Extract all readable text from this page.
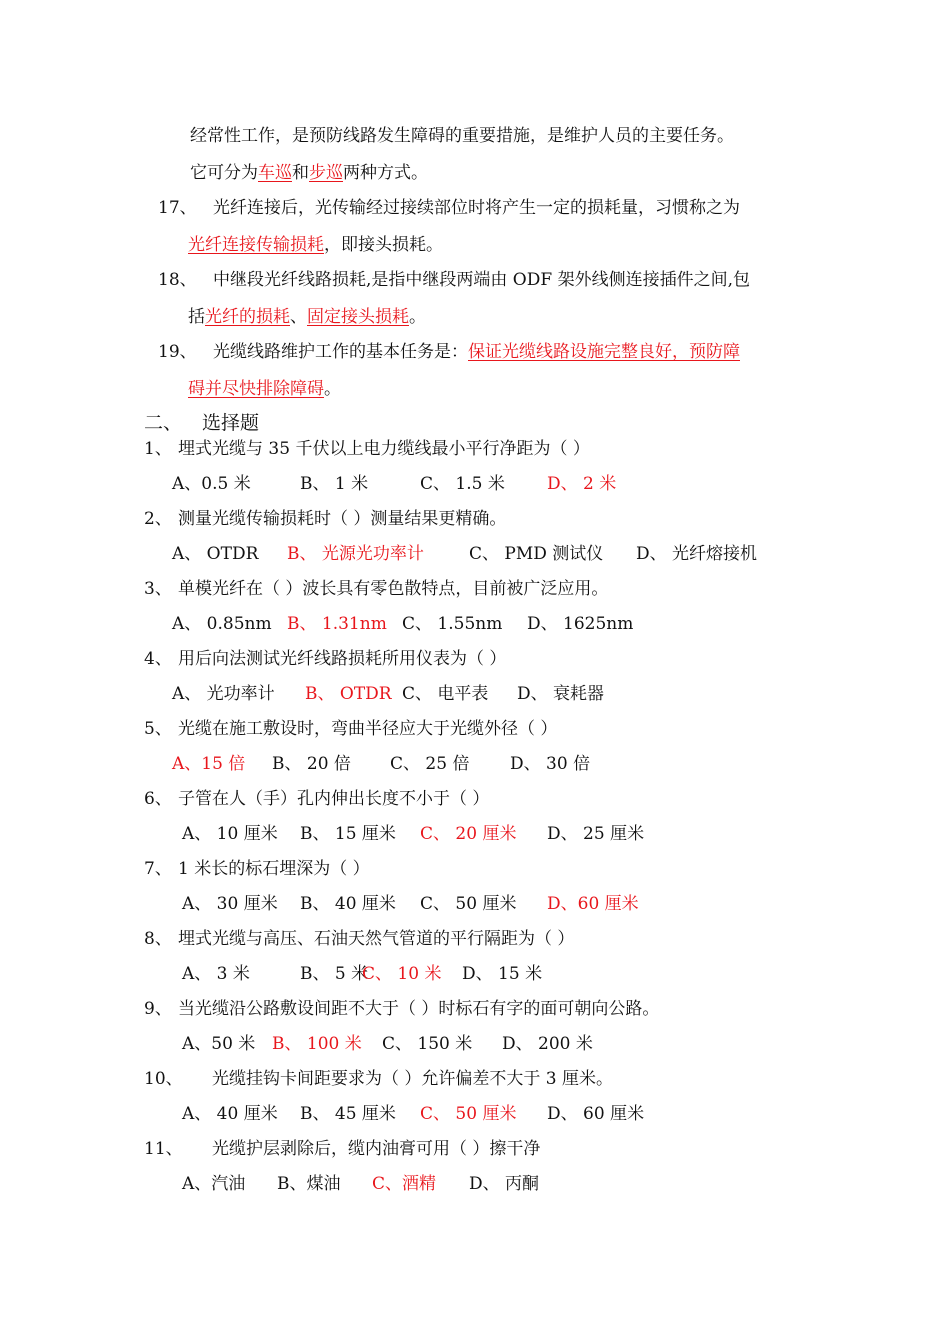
经常性工作，是预防线路发生障碍的重要措施，是维护人员的主要任务。
它可分为车巡和步巡两种方式。
17、 光纤连接后，光传输经过接续部位时将产生一定的损耗量，习惯称之为
光纤连接传输损耗，即接头损耗。
18、 中继段光纤线路损耗,是指中继段两端由 ODF 架外线侧连接插件之间,包
括光纤的损耗、固定接头损耗。
19、 光缆线路维护工作的基本任务是：保证光缆线路设施完整良好，预防障
碍并尽快排除障碍。
二、 选择题
1、 埋式光缆与 35 千伏以上电力缆线最小平行净距为（ ）
A、0.5 米	B、 1 米	C、 1.5 米 D、 2 米
2、 测量光缆传输损耗时（ ）测量结果更精确。
A、 OTDR B、 光源光功率计	C、 PMD 测试仪 D、 光纤熔接机
3、 单模光纤在（ ）波长具有零色散特点，目前被广泛应用。
A、 0.85nm B、 1.31nm C、 1.55nm D、 1625nm
4、 用后向法测试光纤线路损耗所用仪表为（ ）
A、 光功率计 B、 OTDR C、 电平表 D、 衰耗器
5、 光缆在施工敷设时，弯曲半径应大于光缆外径（ ）
A、15 倍 B、 20 倍 C、 25 倍 D、 30 倍
6、 子管在人（手）孔内伸出长度不小于（ ）
A、 10 厘米 B、 15 厘米 C、 20 厘米 D、 25 厘米
7、 1 米长的标石埋深为（ ）
A、 30 厘米 B、 40 厘米 C、 50 厘米 D、60 厘米
8、 埋式光缆与高压、石油天然气管道的平行隔距为（ ）
A、 3 米	B、 5 米
C、 10 米 D、 15 米
9、 当光缆沿公路敷设间距不大于（ ）时标石有字的面可朝向公路。
A、50 米 B、 100 米 C、 150 米 D、 200 米
10、 光缆挂钩卡间距要求为（ ）允许偏差不大于 3 厘米。
A、 40 厘米 B、 45 厘米 C、 50 厘米 D、 60 厘米
11、 光缆护层剥除后，缆内油膏可用（ ）擦干净
A、汽油 B、煤油 C、酒精 D、 丙酮
